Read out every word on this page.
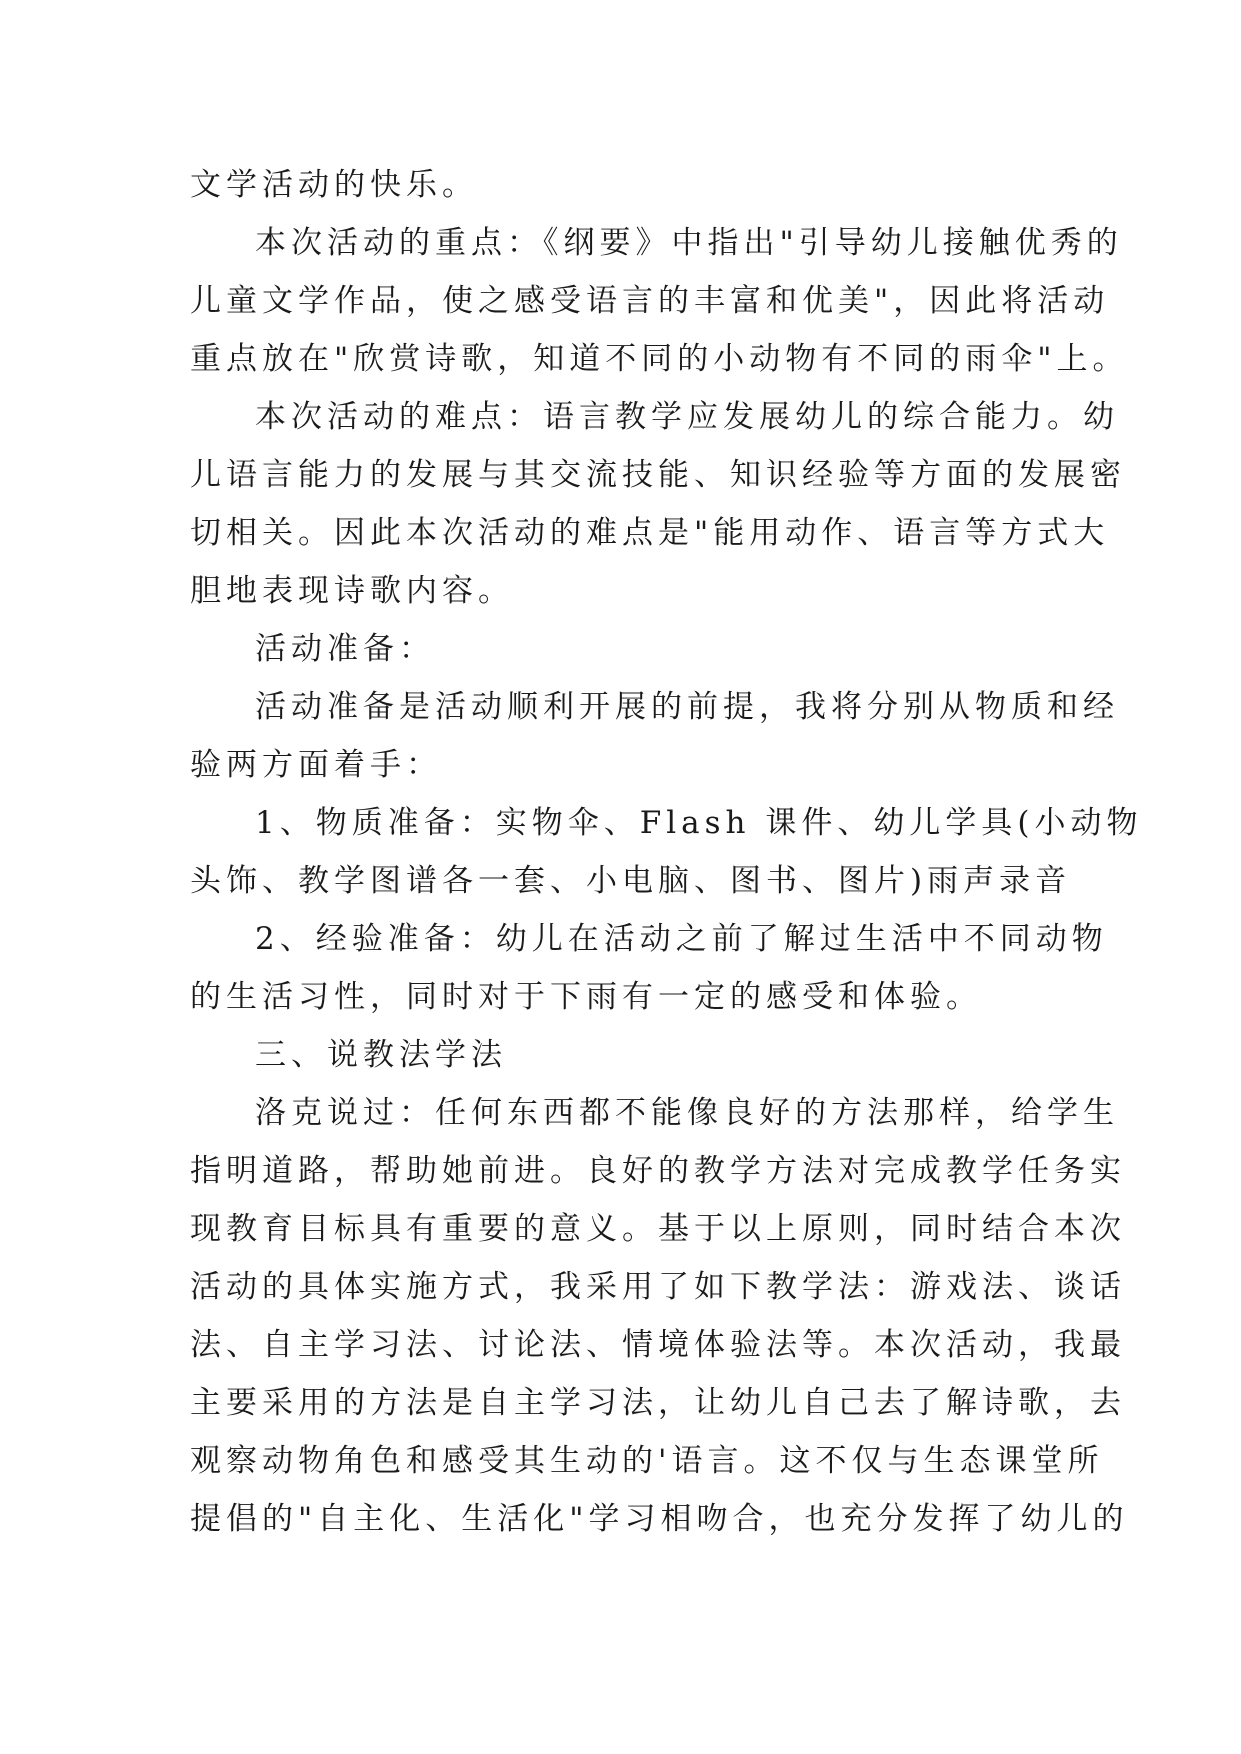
文学活动的快乐。
本次活动的重点：《纲要》中指出"引导幼儿接触优秀的
儿童文学作品，使之感受语言的丰富和优美"，因此将活动
重点放在"欣赏诗歌，知道不同的小动物有不同的雨伞"上。
本次活动的难点：语言教学应发展幼儿的综合能力。幼
儿语言能力的发展与其交流技能、知识经验等方面的发展密
切相关。因此本次活动的难点是"能用动作、语言等方式大
胆地表现诗歌内容。
活动准备：
活动准备是活动顺利开展的前提，我将分别从物质和经
验两方面着手：
1、物质准备：实物伞、Flash 课件、幼儿学具(小动物
头饰、教学图谱各一套、小电脑、图书、图片)雨声录音
2、经验准备：幼儿在活动之前了解过生活中不同动物
的生活习性，同时对于下雨有一定的感受和体验。
三、说教法学法
洛克说过：任何东西都不能像良好的方法那样，给学生
指明道路，帮助她前进。良好的教学方法对完成教学任务实
现教育目标具有重要的意义。基于以上原则，同时结合本次
活动的具体实施方式，我采用了如下教学法：游戏法、谈话
法、自主学习法、讨论法、情境体验法等。本次活动，我最
主要采用的方法是自主学习法，让幼儿自己去了解诗歌，去
观察动物角色和感受其生动的'语言。这不仅与生态课堂所
提倡的"自主化、生活化"学习相吻合，也充分发挥了幼儿的
